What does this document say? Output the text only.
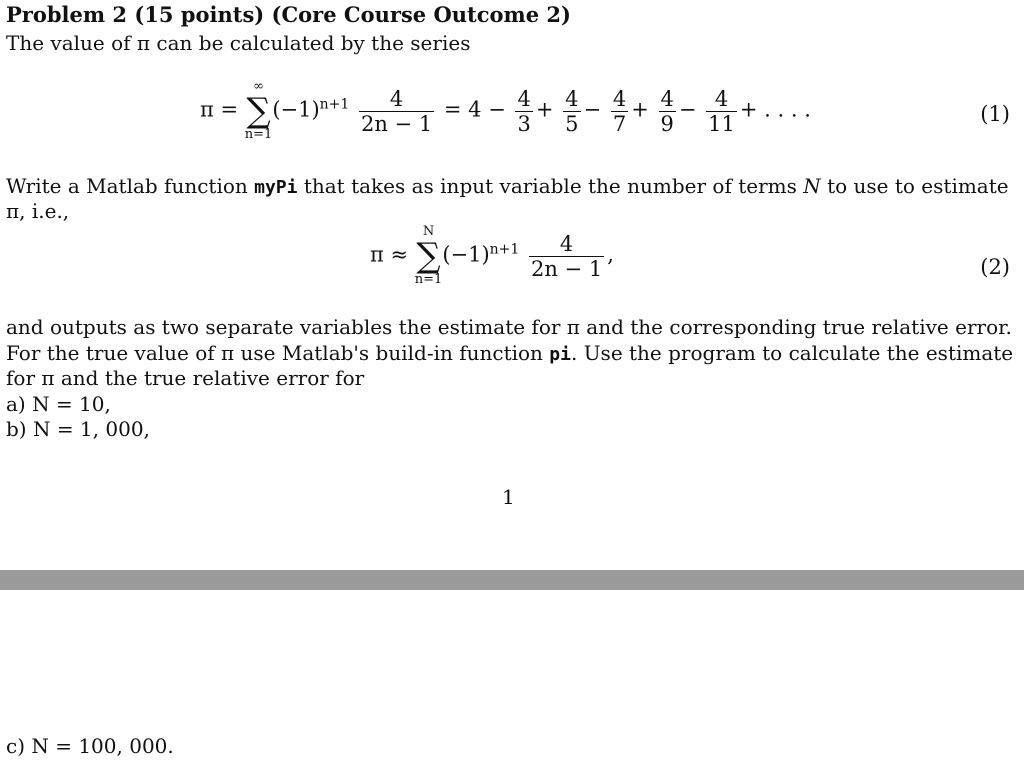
Problem 2 (15 points) (Core Course Outcome 2)
The value of π can be calculated by the series
π =
∞
∑
n=1
$(-1)^{n+1} \frac{4}{2n - 1} = 4 - \frac{4}{3} + \frac{4}{5} - \frac{4}{7} + \frac{4}{9} - \frac{4}{11}$ + . . . .	(1)
Write a Matlab function myPi that takes as input variable the number of terms N to use to estimate
π, i.e.,
π ≈
N
∑
n=1
$(-1)^{n+1} \frac{4}{2n - 1}$ ,
(2)
and outputs as two separate variables the estimate for π and the corresponding true relative error.
For the true value of π use Matlab's build-in function pi. Use the program to calculate the estimate
for π and the true relative error for
a) N = 10,
b) N = 1, 000,
1
c) N = 100, 000.
